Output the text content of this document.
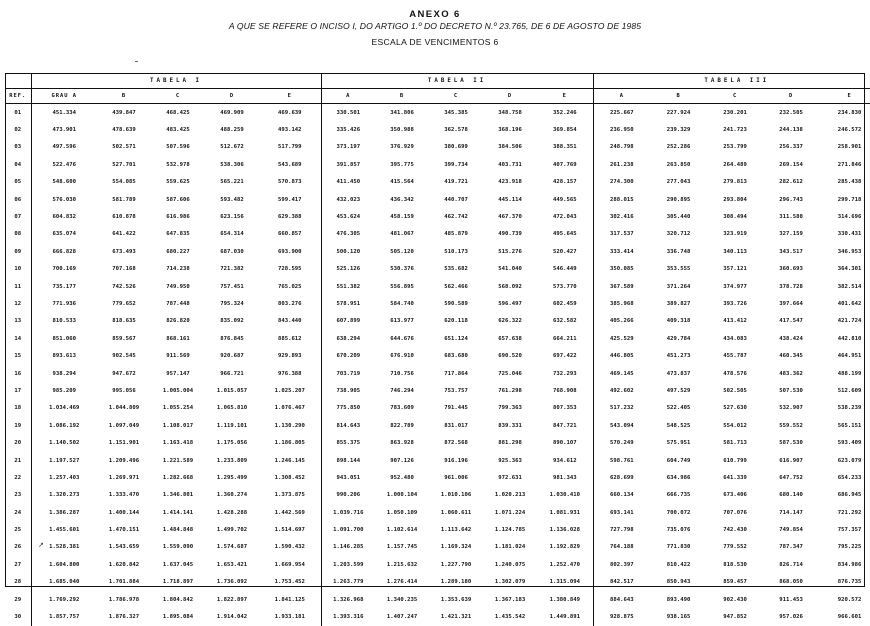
ANEXO 6
A QUE SE REFERE O INCISO I, DO ARTIGO 1.º DO DECRETO N.º 23.765, DE 6 DE AGOSTO DE 1985
ESCALA DE VENCIMENTOS 6
	TABELA I					TABELA II					TABELA III				
REF.	GRAU A	B	C	D	E	A	B	C	D	E	A	B	C	D	E
01	451.334	439.847	468.425	469.909	469.639	330.501	341.806	345.385	348.758	352.246	225.667	227.924	230.201	232.505	234.830
02	473.901	478.639	483.425	488.259	493.142	335.426	350.988	362.578	368.196	369.854	236.950	239.329	241.723	244.138	246.572
03	497.596	502.571	507.596	512.672	517.799	373.197	376.929	380.699	384.506	388.351	248.798	252.286	253.799	256.337	258.901
04	522.476	527.701	532.978	538.306	543.689	391.857	395.775	399.734	403.731	407.769	261.238	263.850	264.489	269.154	271.846
05	548.600	554.085	559.625	565.221	570.873	411.450	415.564	419.721	423.918	428.157	274.300	277.043	279.813	282.612	285.438
06	576.030	581.789	587.606	593.482	599.417	432.023	436.342	440.707	445.114	449.565	288.015	290.895	293.804	296.743	299.718
07	604.832	610.878	616.986	623.156	629.388	453.624	458.159	462.742	467.370	472.043	302.416	305.440	308.494	311.580	314.696
08	635.074	641.422	647.835	654.314	660.857	476.305	481.067	485.879	490.739	495.645	317.537	320.712	323.919	327.159	330.431
09	666.828	673.493	680.227	687.030	693.900	500.120	505.120	510.173	515.276	520.427	333.414	336.748	340.113	343.517	346.953
10	700.169	707.168	714.238	721.382	728.595	525.126	530.376	535.682	541.040	546.449	350.085	353.555	357.121	360.693	364.301
11	735.177	742.526	749.950	757.451	765.025	551.382	556.895	562.466	568.092	573.770	367.589	371.264	374.977	378.728	382.514
12	771.936	779.652	787.448	795.324	803.276	578.951	584.740	590.589	596.497	602.459	385.968	389.827	393.726	397.664	401.642
13	810.533	818.635	826.820	835.092	843.440	607.899	613.977	620.118	626.322	632.582	405.266	409.318	413.412	417.547	421.724
14	851.060	859.567	868.161	876.845	885.612	638.294	644.676	651.124	657.638	664.211	425.529	429.784	434.083	438.424	442.810
15	893.613	902.545	911.569	920.687	929.893	670.209	676.910	683.680	690.520	697.422	446.805	451.273	455.787	460.345	464.951
16	938.294	947.672	957.147	966.721	976.388	703.719	710.756	717.864	725.046	732.293	469.145	473.837	478.576	483.362	488.199
17	985.209	995.056	1.005.004	1.015.057	1.025.207	738.905	746.294	753.757	761.298	768.908	492.602	497.529	502.505	507.530	512.609
18	1.034.469	1.044.809	1.055.254	1.065.810	1.076.467	775.850	783.609	791.445	799.363	807.353	517.232	522.405	527.630	532.907	538.239
19	1.086.192	1.097.049	1.108.017	1.119.101	1.130.290	814.643	822.789	831.017	839.331	847.721	543.094	548.525	554.012	559.552	565.151
20	1.140.502	1.151.901	1.163.418	1.175.056	1.186.805	855.375	863.928	872.568	881.298	890.107	570.249	575.951	581.713	587.530	593.409
21	1.197.527	1.209.496	1.221.589	1.233.809	1.246.145	898.144	907.126	916.196	925.363	934.612	598.761	604.749	610.799	616.907	623.079
22	1.257.403	1.269.971	1.282.668	1.295.499	1.308.452	943.051	952.480	961.006	972.631	981.343	628.699	634.986	641.339	647.752	654.233
23	1.320.273	1.333.470	1.346.801	1.360.274	1.373.875	990.206	1.000.104	1.010.106	1.020.213	1.030.410	660.134	666.735	673.406	680.140	686.945
24	1.386.287	1.400.144	1.414.141	1.428.288	1.442.569	1.039.716	1.050.109	1.060.611	1.071.224	1.081.931	693.141	700.072	707.076	714.147	721.292
25	1.455.601	1.470.151	1.484.848	1.499.702	1.514.697	1.091.700	1.102.614	1.113.642	1.124.785	1.136.028	727.798	735.076	742.430	749.854	757.357
26	1.528.381	1.543.659	1.559.090	1.574.687	1.590.432	1.146.285	1.157.745	1.169.324	1.181.024	1.192.829	764.188	771.830	779.552	787.347	795.225
27	1.604.800	1.620.842	1.637.045	1.653.421	1.669.954	1.203.599	1.215.632	1.227.790	1.240.075	1.252.470	802.397	810.422	818.530	826.714	834.986
28	1.685.040	1.701.884	1.718.897	1.736.092	1.753.452	1.263.779	1.276.414	1.289.180	1.302.079	1.315.094	842.517	850.943	859.457	868.050	876.735
29	1.769.292	1.786.978	1.804.842	1.822.897	1.841.125	1.326.968	1.340.235	1.353.639	1.367.183	1.380.849	884.643	893.490	902.430	911.453	920.572
30	1.857.757	1.876.327	1.895.084	1.914.042	1.933.181	1.393.316	1.407.247	1.421.321	1.435.542	1.449.891	928.875	938.165	947.852	957.026	966.601
↗
